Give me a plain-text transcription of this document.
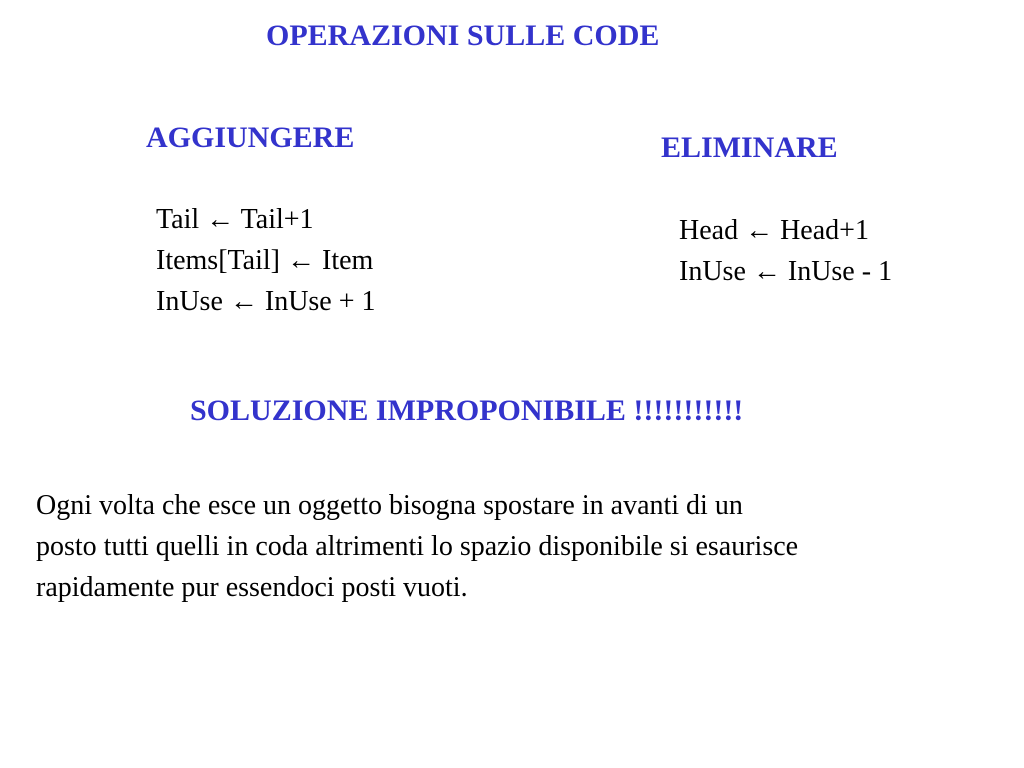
OPERAZIONI SULLE CODE
AGGIUNGERE
Tail ← Tail+1
Items[Tail] ← Item
InUse ← InUse + 1
ELIMINARE
Head ← Head+1
InUse ← InUse - 1
SOLUZIONE IMPROPONIBILE !!!!!!!!!!!

Ogni volta che esce un oggetto bisogna spostare in avanti di un
posto tutti quelli in coda altrimenti lo spazio disponibile si esaurisce
rapidamente pur essendoci posti vuoti.
